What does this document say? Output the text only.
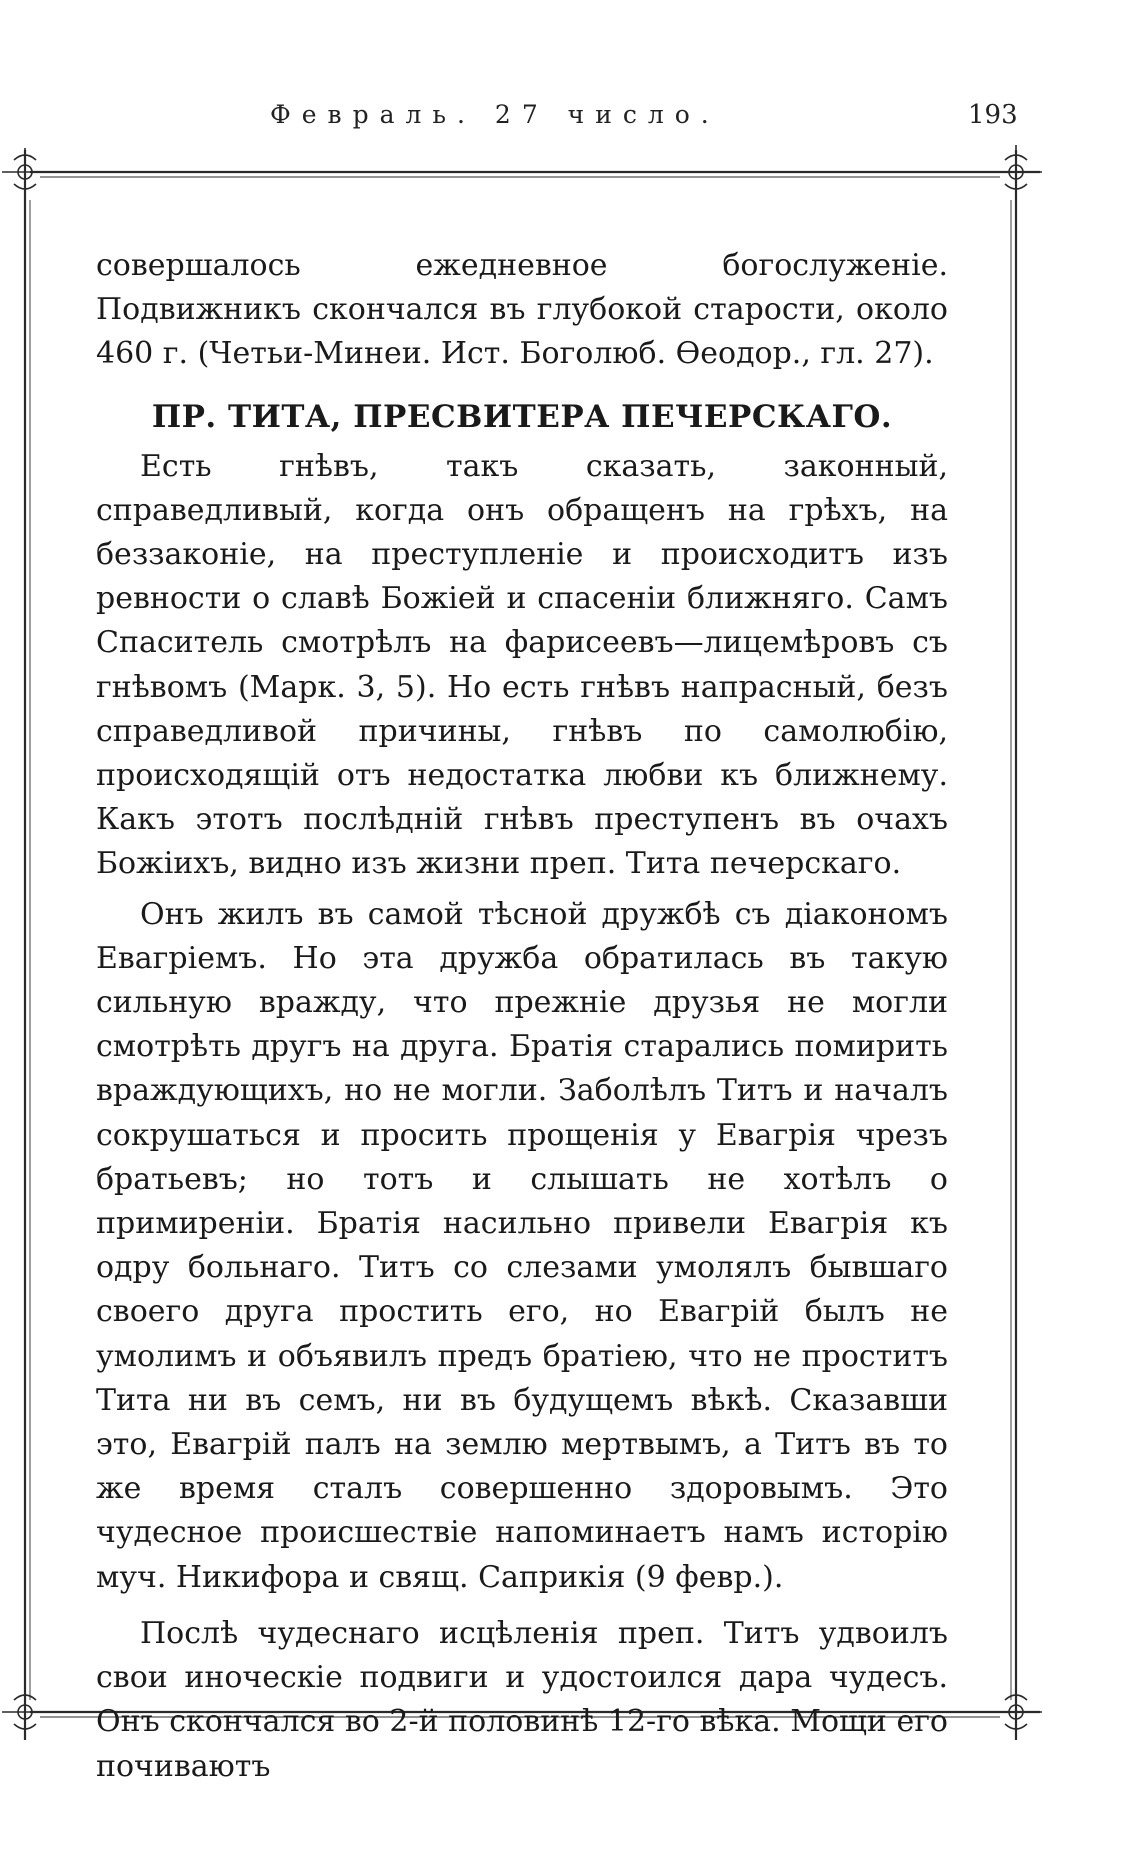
Февраль. 27 число.	193

совершалось ежедневное богослуженіе. Подвижникъ скончался въ глубокой старости, около 460 г. (Четьи-Минеи. Ист. Боголюб. Ѳеодор., гл. 27).

ПР. ТИТА, ПРЕСВИТЕРА ПЕЧЕРСКАГО.

Есть гнѣвъ, такъ сказать, законный, справедливый, когда онъ обращенъ на грѣхъ, на беззаконіе, на преступленіе и происходитъ изъ ревности о славѣ Божіей и спасеніи ближняго. Самъ Спаситель смотрѣлъ на фарисеевъ—лицемѣровъ съ гнѣвомъ (Марк. 3, 5). Но есть гнѣвъ напрасный, безъ справедливой причины, гнѣвъ по самолюбію, происходящій отъ недостатка любви къ ближнему. Какъ этотъ послѣдній гнѣвъ преступенъ въ очахъ Божіихъ, видно изъ жизни преп. Тита печерскаго.

Онъ жилъ въ самой тѣсной дружбѣ съ діакономъ Евагріемъ. Но эта дружба обратилась въ такую сильную вражду, что прежніе друзья не могли смотрѣть другъ на друга. Братія старались помирить враждующихъ, но не могли. Заболѣлъ Титъ и началъ сокрушаться и просить прощенія у Евагрія чрезъ братьевъ; но тотъ и слышать не хотѣлъ о примиреніи. Братія насильно привели Евагрія къ одру больнаго. Титъ со слезами умолялъ бывшаго своего друга простить его, но Евагрій былъ не умолимъ и объявилъ предъ братіею, что не проститъ Тита ни въ семъ, ни въ будущемъ вѣкѣ. Сказавши это, Евагрій палъ на землю мертвымъ, а Титъ въ то же время сталъ совершенно здоровымъ. Это чудесное происшествіе напоминаетъ намъ исторію муч. Никифора и свящ. Саприкія (9 февр.).

Послѣ чудеснаго исцѣленія преп. Титъ удвоилъ свои иноческіе подвиги и удостоился дара чудесъ. Онъ скончался во 2-й половинѣ 12-го вѣка. Мощи его почиваютъ
